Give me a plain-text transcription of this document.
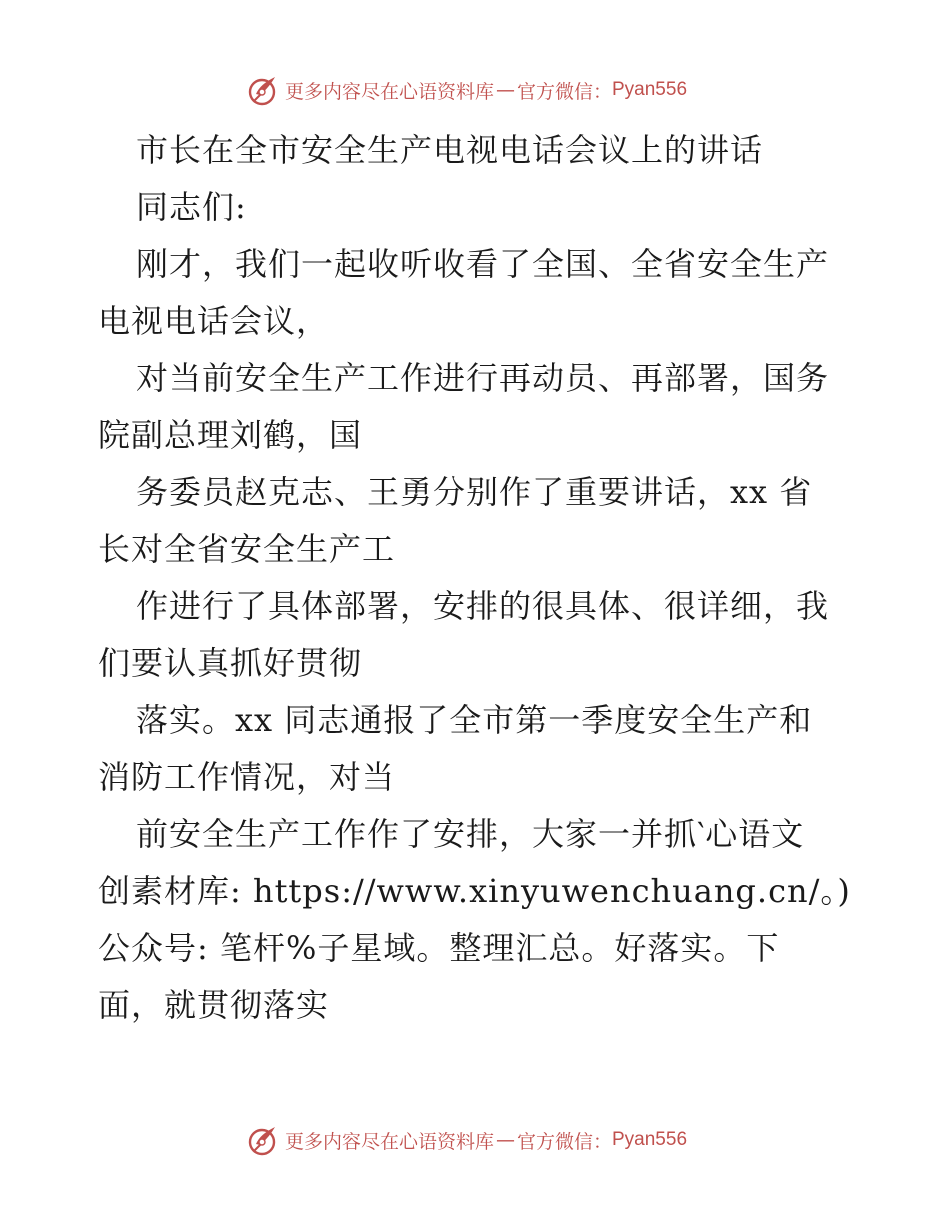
更多内容尽在心语资料库 — 官方微信： Pyan556
市长在全市安全生产电视电话会议上的讲话
同志们:
刚才，我们一起收听收看了全国、全省安全生产
电视电话会议，
对当前安全生产工作进行再动员、再部署，国务
院副总理刘鹤，国
务委员赵克志、王勇分别作了重要讲话，xx 省
长对全省安全生产工
作进行了具体部署，安排的很具体、很详细，我
们要认真抓好贯彻
落实。xx 同志通报了全市第一季度安全生产和
消防工作情况，对当
前安全生产工作作了安排，大家一并抓‵心语文
创素材库: https://www.xinyuwenchuang.cn/。)
公众号: 笔杆%子星域。整理汇总。好落实。下
面，就贯彻落实
更多内容尽在心语资料库 — 官方微信： Pyan556
